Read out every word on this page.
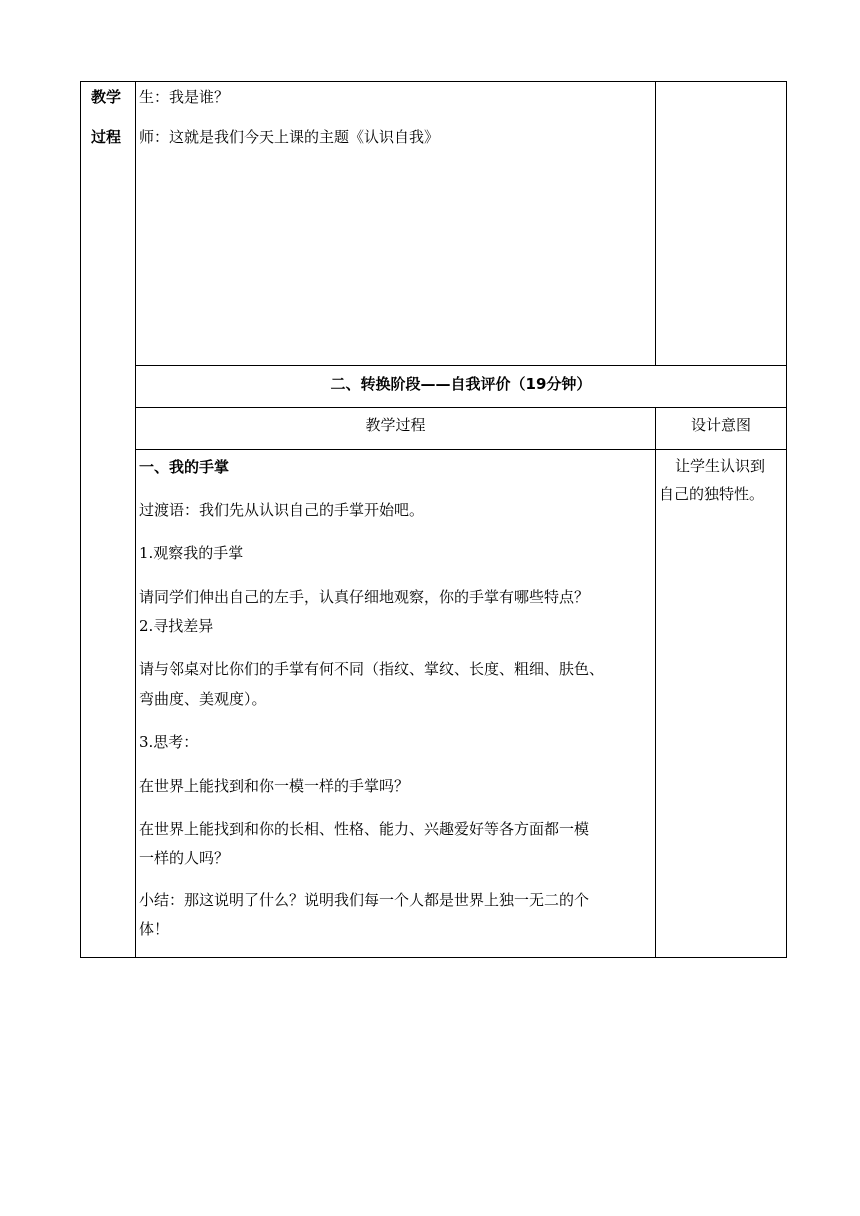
教学
过程
生：我是谁？
师：这就是我们今天上课的主题《认识自我》
二、转换阶段——自我评价（19分钟）
教学过程	设计意图
一、我的手掌
过渡语：我们先从认识自己的手掌开始吧。
1.观察我的手掌
请同学们伸出自己的左手，认真仔细地观察，你的手掌有哪些特点？
2.寻找差异
请与邻桌对比你们的手掌有何不同（指纹、掌纹、长度、粗细、肤色、
弯曲度、美观度）。
3.思考：
在世界上能找到和你一模一样的手掌吗？
在世界上能找到和你的长相、性格、能力、兴趣爱好等各方面都一模
一样的人吗？
小结：那这说明了什么？说明我们每一个人都是世界上独一无二的个
体！
让学生认识到
自己的独特性。
